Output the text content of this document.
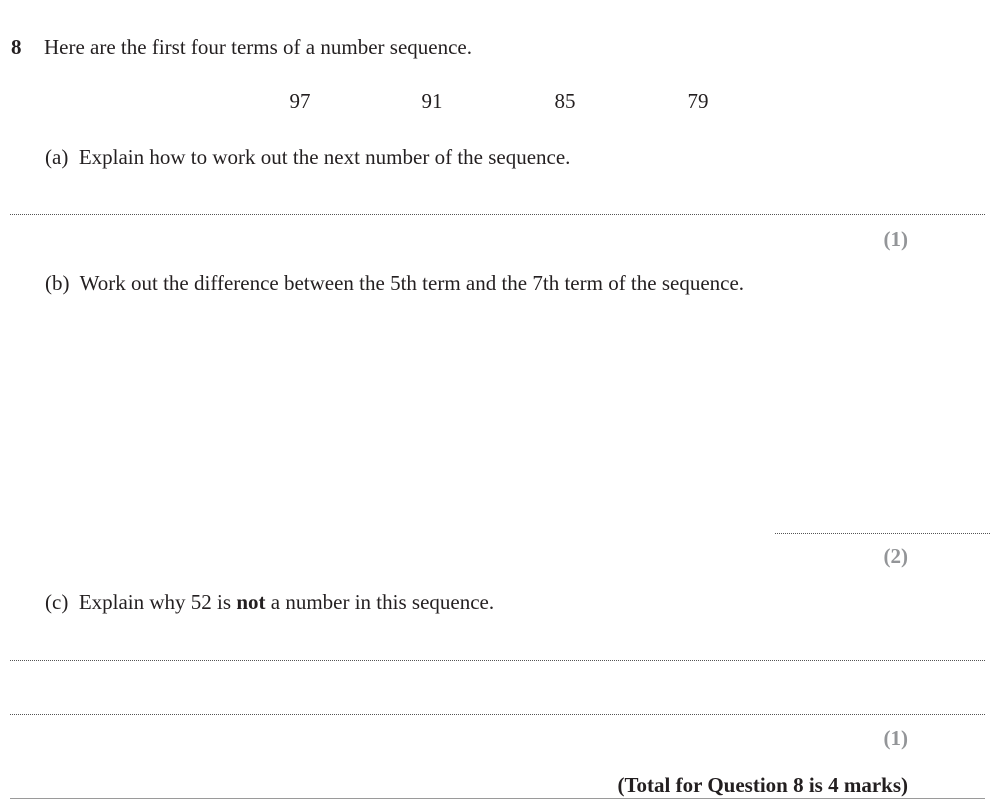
8 Here are the first four terms of a number sequence.
97	91	85	79
(a) Explain how to work out the next number of the sequence.
(1)
(b) Work out the difference between the 5th term and the 7th term of the sequence.
(2)
(c) Explain why 52 is not a number in this sequence.
(1)
(Total for Question 8 is 4 marks)
